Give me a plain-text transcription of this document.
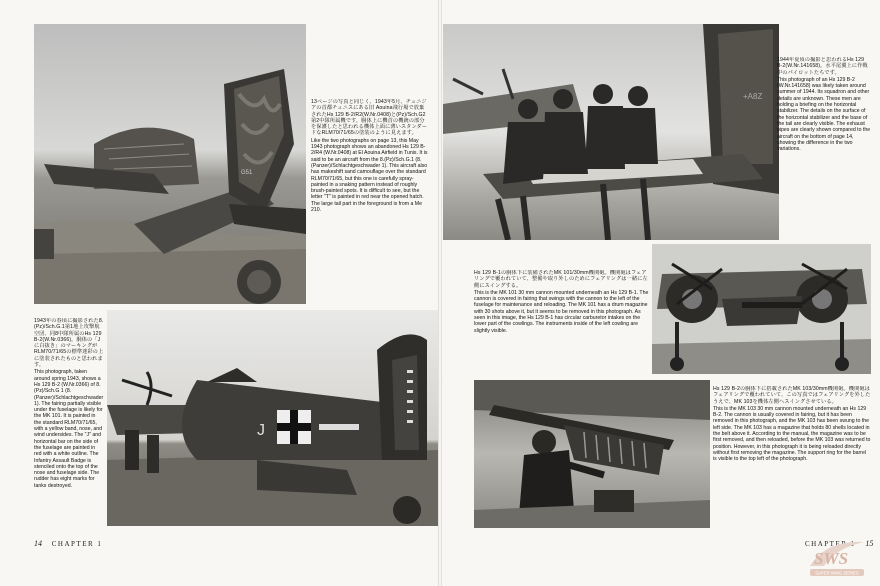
G51

13ページの写真と同じく、1943年5月、チュニジアの首都チュニスにある旧 Aouina飛行場で放棄されたHs 129 B-2/R2(W.Nr.0408)と(Pz)/Sch.G2 第2中隊所属機です。胴体上に機首の機銃の部分を保護したと思われる機体上面に薄いスタンダードなRLM70/71/65の塗装のように見えます。

Like the two photographs on page 13, this May 1943 photograph shows an abandoned Hs 129 B-2/R4 (W.Nr.0408) at El Aouina Airfield in Tunis. It is said to be an aircraft from the 8.(Pz)/Sch.G.1 (8.(Panzer)/Schlachtgeschwader 1). This aircraft also has makeshift sand camouflage over the standard RLM70/71/65, but this one is carefully spray-painted in a snaking pattern instead of roughly brush-painted spots. It is difficult to see, but the letter "T" is painted in red near the opened hatch. The large tail part in the foreground is from a Me 210.

1943年の春頃に撮影された8.(Pz)/Sch.G.1第1地上攻撃航空団、同8中隊所属のHs 129 B-2(W.Nr.0366)。胴体の「Jに白抜き」のマーキングがRLM70/71/65の標準迷彩の上に塗装されたものと思われます。

This photograph, taken around spring 1943, shows a Hs 129 B-2 (W.Nr.0366) of 8.(Pz)/Sch.G 1 (8.(Panzer)/Schlachtgeschwader 1). The fairing partially visible under the fuselage is likely for the MK 101. It is painted in the standard RLM70/71/65, with a yellow band, nose, and wind undersides. The "J" and horizontal bar on the side of the fuselage are painted in red with a white outline. The Infantry Assault Badge is stenciled onto the top of the nose and fuselage side. The rudder has eight marks for tanks destroyed.

J
14 CHAPTER 1
+A8Z

1944年夏頃の撮影と思われるHs 129 B-2(W.Nr.141658)。水平尾翼上に作戦中のパイロットたちです。

This photograph of an Hs 129 B-2 (W.Nr.141658) was likely taken around summer of 1944. Its squadron and other details are unknown. These men are holding a briefing on the horizontal stabilizer. The details on the surface of the horizontal stabilizer and the base of the tail are clearly visible. The exhaust pipes are clearly shown compared to the aircraft on the bottom of page 14, showing the difference in the two variations.

Hs 129 B-1の胴体下に装備されたMK 101/30mm機関砲。機関砲はフェアリングで覆われていて、整備や取り外しのためにフェアリングは一緒に左側にスイングする。

This is the MK 101 30 mm cannon mounted underneath an Hs 129 B-1. The cannon is covered in fairing that swings with the cannon to the left of the fuselage for maintenance and reloading. The MK 101 has a drum magazine with 30 shots above it, but it seems to be removed in this photograph. As seen in this image, the Hs 129 B-1 has circular carburetor intakes on the lower part of the cowlings. The instruments inside of the left cowling are slightly visible.

Hs 129 B-2の胴体下に搭載されたMK 103/30mm機関砲。機関砲はフェアリングで覆われていて、この写真ではフェアリングを外したうえで、MK 103を機体左側へスイングさせている。

This is the MK 103 30 mm cannon mounted underneath an Hs 129 B-2. The cannon is usually covered in fairing, but it has been removed in this photograph, and the MK 103 has been swung to the left side. The MK 103 has a magazine that holds 80 shells located in the belt above it. According to the manual, the magazine was to be first removed, and then reloaded, before the MK 103 was returned to position. However, in this photograph it is being reloaded directly without first removing the magazine. The support ring for the barrel is visible to the top left of the photograph.

CHAPTER 1 15
SWS
SUPER WING SERIES
